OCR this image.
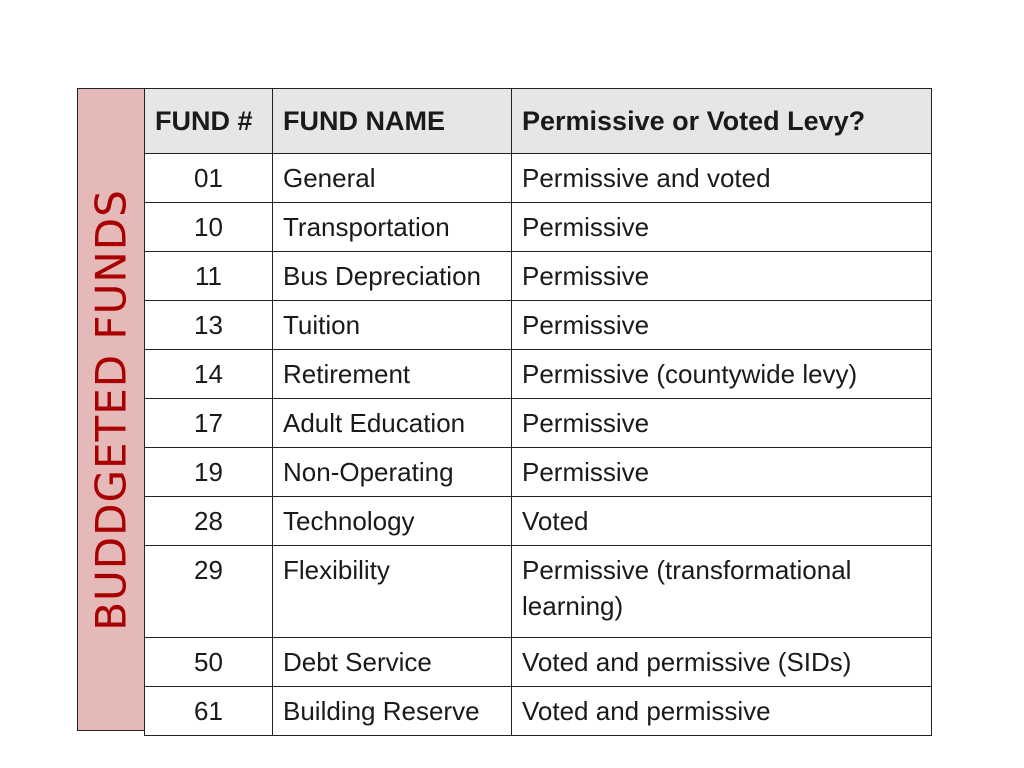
BUDDGETED FUNDS
FUND #	FUND NAME	Permissive or Voted Levy?
01	General	Permissive and voted
10	Transportation	Permissive
11	Bus Depreciation	Permissive
13	Tuition	Permissive
14	Retirement	Permissive (countywide levy)
17	Adult Education	Permissive
19	Non-Operating	Permissive
28	Technology	Voted
29	Flexibility	Permissive (transformational learning)
50	Debt Service	Voted and permissive (SIDs)
61	Building Reserve	Voted and permissive
